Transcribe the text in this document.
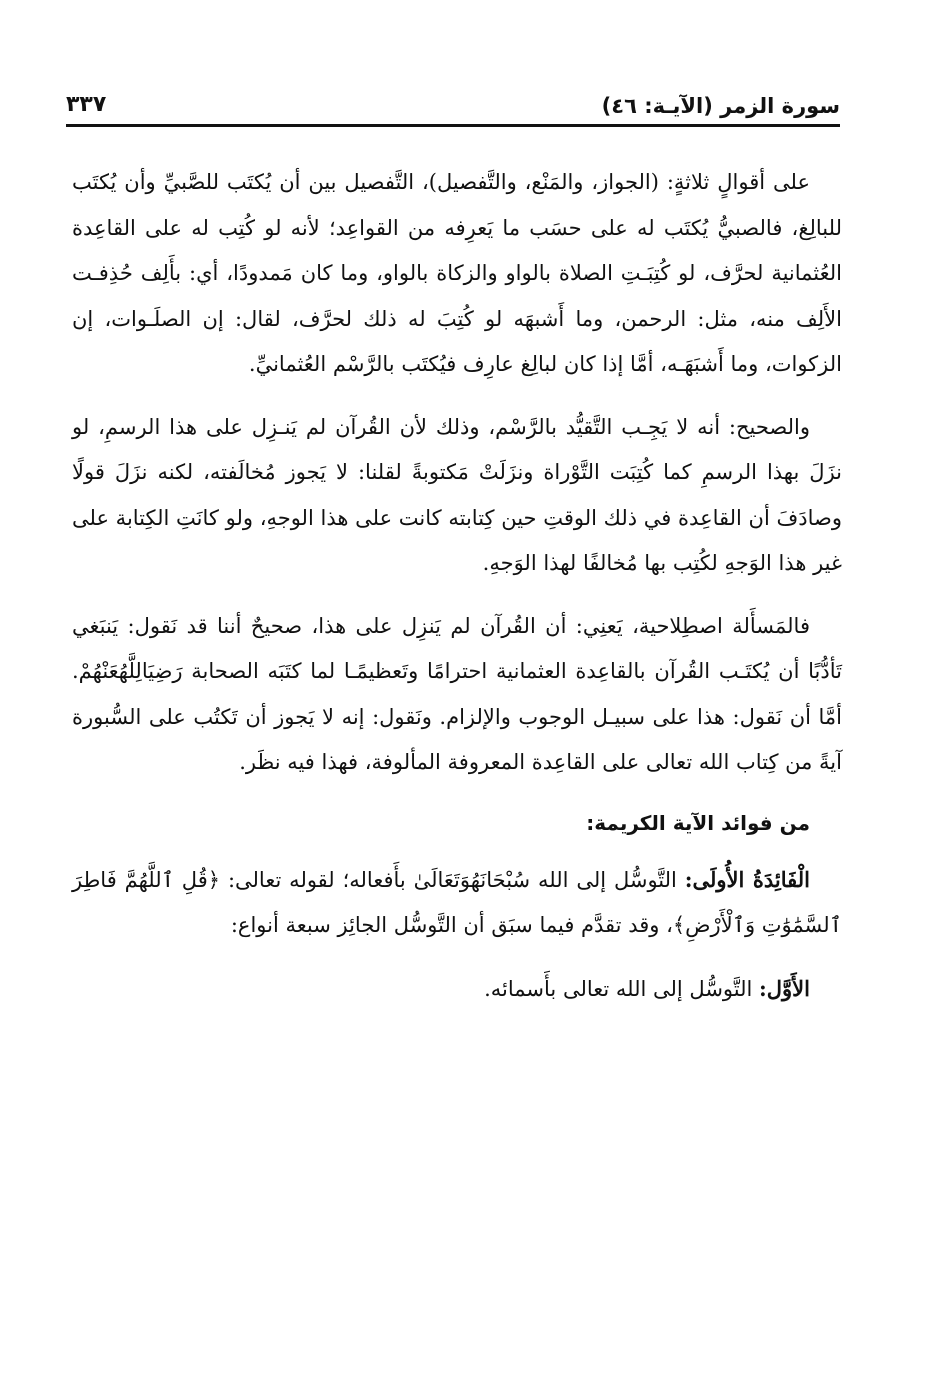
سورة الزمر (الآيـة: ٤٦)
٣٣٧

على أقوالٍ ثلاثةٍ: (الجواز، والمَنْع، والتَّفصيل)، التَّفصيل بين أن يُكتَب للصَّبيِّ وأن يُكتَب للبالِغ، فالصبيُّ يُكتَب له على حسَب ما يَعرِفه من القواعِد؛ لأنه لو كُتِب له على القاعِدة العُثمانية لحرَّف، لو كُتِبَـتِ الصلاة بالواو والزكاة بالواو، وما كان مَمدودًا، أي: بأَلِف حُذِفـت الأَلِف منه، مثل: الرحمن، وما أَشبهَه لو كُتِبَ له ذلك لحرَّف، لقال: إن الصلَـوات، إن الزكوات، وما أَشبَهَـه، أمَّا إذا كان لبالِغ عارِف فيُكتَب بالرَّسْم العُثمانيِّ.

والصحيح: أنه لا يَجِـب التَّقيُّد بالرَّسْم، وذلك لأن القُرآن لم يَنـزِل على هذا الرسمِ، لو نزَلَ بهذا الرسمِ كما كُتِبَت التَّوْراة ونزَلَتْ مَكتوبةً لقلنا: لا يَجوز مُخالَفته، لكنه نزَلَ قولًا وصادَفَ أن القاعِدة في ذلك الوقتِ حين كِتابته كانت على هذا الوجهِ، ولو كانَتِ الكِتابة على غير هذا الوَجهِ لكُتِب بها مُخالفًا لهذا الوَجهِ.

فالمَسأَلة اصطِلاحية، يَعنِي: أن القُرآن لم يَنزِل على هذا، صحيحٌ أننا قد نَقول: يَنبَغي تَأدُّبًا أن يُكتَـب القُرآن بالقاعِدة العثمانية احترامًا وتَعظيمًـا لما كتَبَه الصحابة رَضِيَالِلَّهُعَنْهُمْ. أمَّا أن نَقول: هذا على سبيـل الوجوب والإلزام. ونَقول: إنه لا يَجوز أن تَكتُب على السُّبورة آيةً من كِتاب الله تعالى على القاعِدة المعروفة المألوفة، فهذا فيه نظَر.

من فوائد الآية الكريمة:

الْفَائِدَةُ الأُولَى: التَّوسُّل إلى الله سُبْحَانَهُوَتَعَالَىٰ بأَفعاله؛ لقوله تعالى: ﴿قُلِ ٱللَّهُمَّ فَاطِرَ ٱلسَّمَٰوَٰتِ وَٱلْأَرْضِ﴾، وقد تقدَّم فيما سبَق أن التَّوسُّل الجائِز سبعة أنواع:

الأَوَّل: التَّوسُّل إلى الله تعالى بأَسمائه.
